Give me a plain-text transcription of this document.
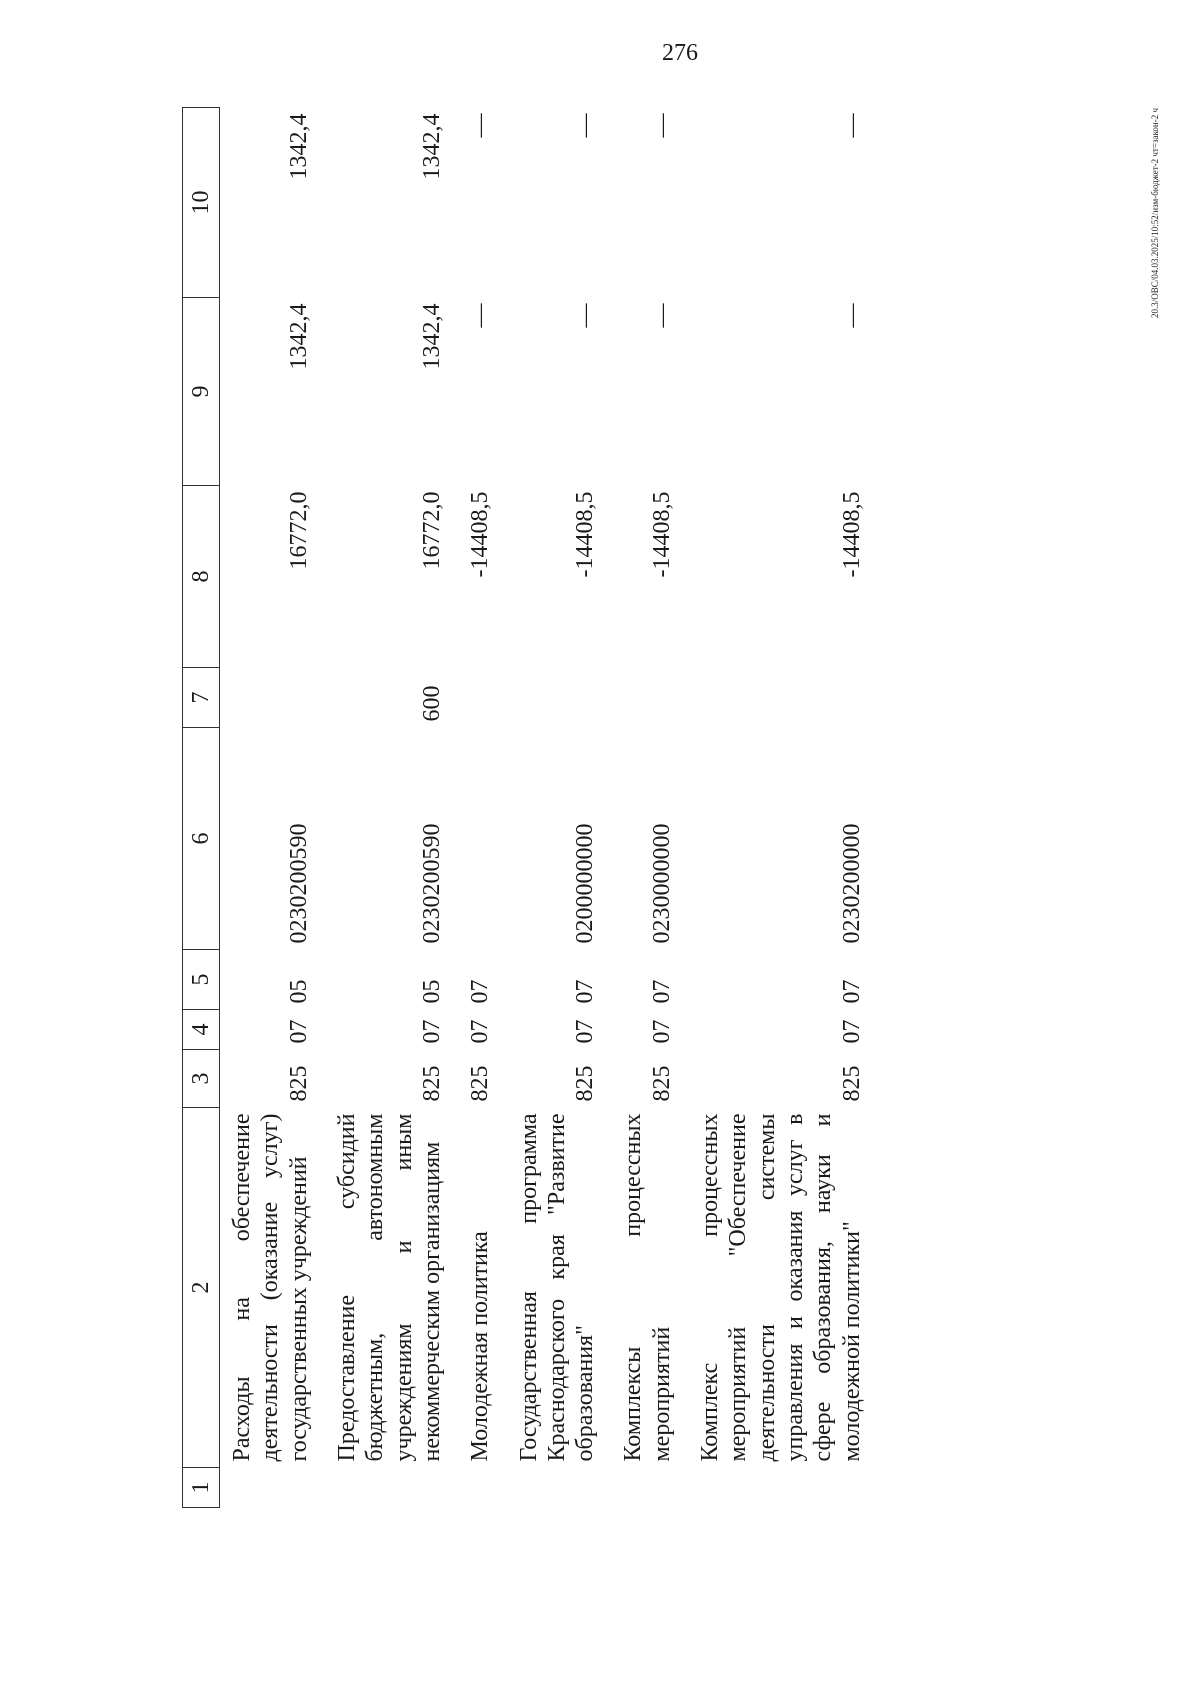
276
20.3/ОВС/04.03.2025/10:52/изм-бюджет-2 чт=закон-2 ч
1	2	3	4	5	6	7	8	9	10
	Расходы на обеспечение деятельности (оказание услуг) государственных учреждений	825	07	05	0230200590		16772,0	1342,4	1342,4
	Предоставление субсидий бюджетным, автономным учреждениям и иным некоммерческим организациям	825	07	05	0230200590	600	16772,0	1342,4	1342,4
	Молодежная политика	825	07	07			-14408,5	—	—
	Государственная программа Краснодарского края "Развитие образования"	825	07	07	0200000000		-14408,5	—	—
	Комплексы процессных мероприятий	825	07	07	0230000000		-14408,5	—	—
	Комплекс процессных мероприятий "Обеспечение деятельности системы управления и оказания услуг в сфере образования, науки и молодежной политики"	825	07	07	0230200000		-14408,5	—	—
